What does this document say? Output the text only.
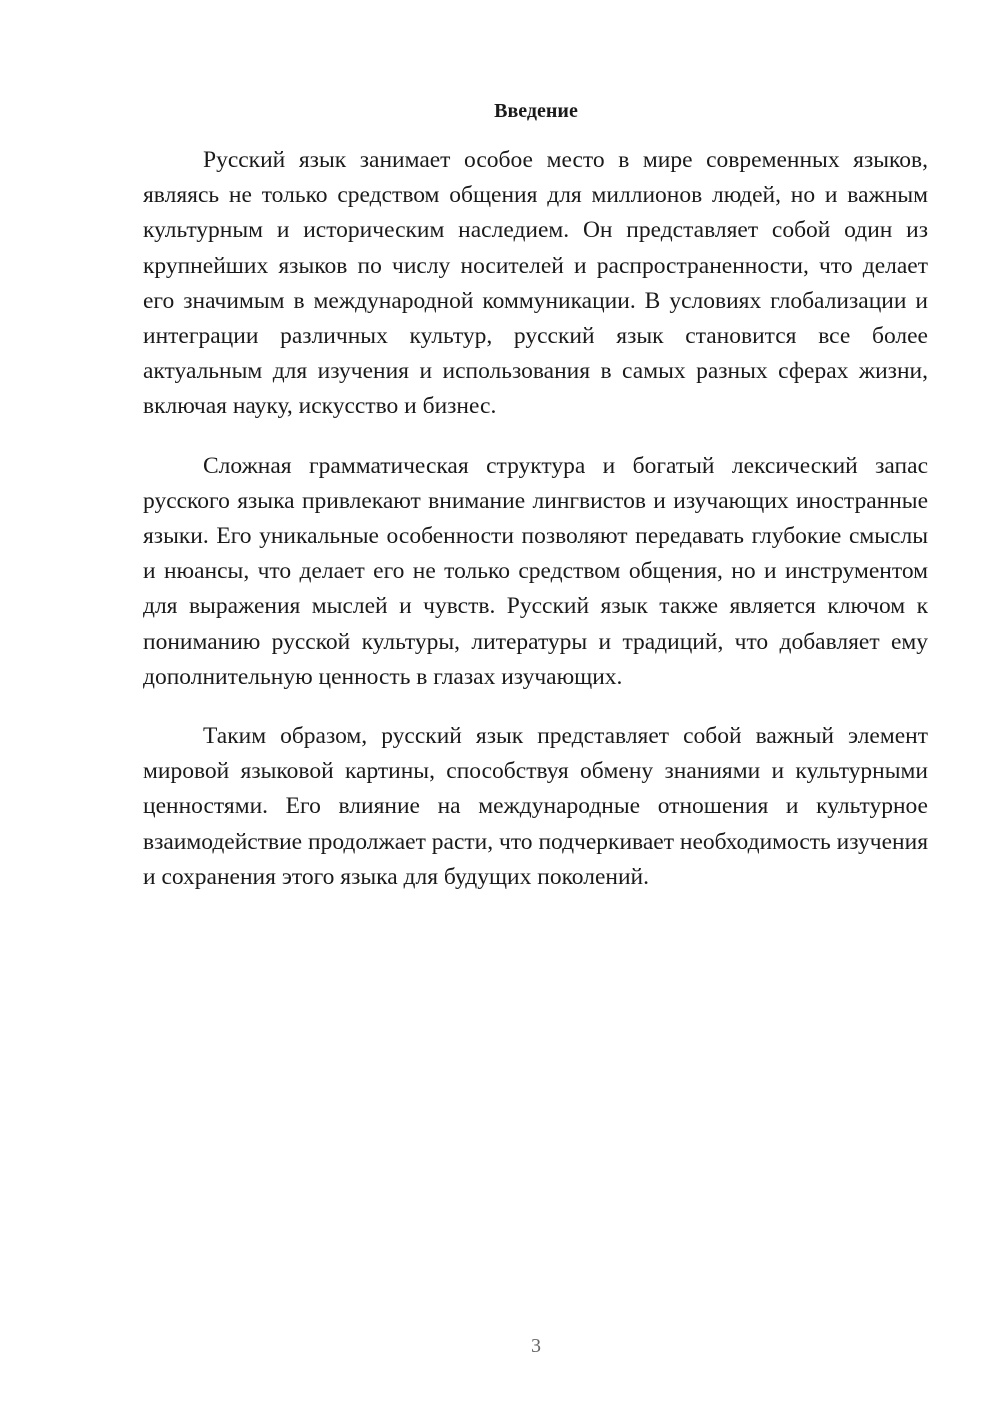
Введение

Русский язык занимает особое место в мире современных языков, являясь не только средством общения для миллионов людей, но и важным культурным и историческим наследием. Он представляет собой один из крупнейших языков по числу носителей и распространенности, что делает его значимым в международной коммуникации. В условиях глобализации и интеграции различных культур, русский язык становится все более актуальным для изучения и использования в самых разных сферах жизни, включая науку, искусство и бизнес.

Сложная грамматическая структура и богатый лексический запас русского языка привлекают внимание лингвистов и изучающих иностранные языки. Его уникальные особенности позволяют передавать глубокие смыслы и нюансы, что делает его не только средством общения, но и инструментом для выражения мыслей и чувств. Русский язык также является ключом к пониманию русской культуры, литературы и традиций, что добавляет ему дополнительную ценность в глазах изучающих.

Таким образом, русский язык представляет собой важный элемент мировой языковой картины, способствуя обмену знаниями и культурными ценностями. Его влияние на международные отношения и культурное взаимодействие продолжает расти, что подчеркивает необходимость изучения и сохранения этого языка для будущих поколений.

3
